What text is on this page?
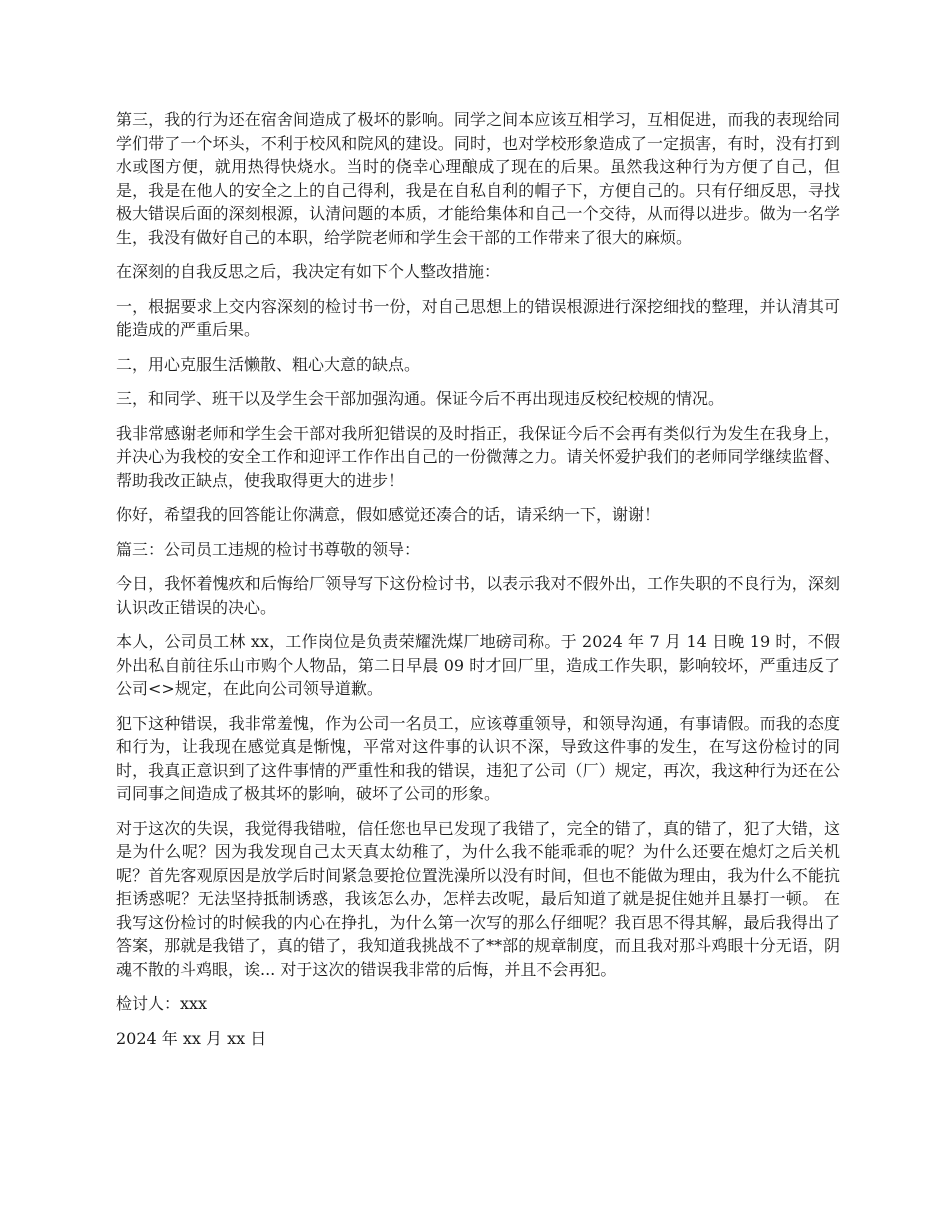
第三，我的行为还在宿舍间造成了极坏的影响。同学之间本应该互相学习，互相促进，而我的表现给同学们带了一个坏头，不利于校风和院风的建设。同时，也对学校形象造成了一定损害，有时，没有打到水或图方便，就用热得快烧水。当时的侥幸心理酿成了现在的后果。虽然我这种行为方便了自己，但是，我是在他人的安全之上的自己得利，我是在自私自利的帽子下，方便自己的。只有仔细反思，寻找极大错误后面的深刻根源，认清问题的本质，才能给集体和自己一个交待，从而得以进步。做为一名学生，我没有做好自己的本职，给学院老师和学生会干部的工作带来了很大的麻烦。

在深刻的自我反思之后，我决定有如下个人整改措施：

一，根据要求上交内容深刻的检讨书一份，对自己思想上的错误根源进行深挖细找的整理，并认清其可能造成的严重后果。

二，用心克服生活懒散、粗心大意的缺点。

三，和同学、班干以及学生会干部加强沟通。保证今后不再出现违反校纪校规的情况。

我非常感谢老师和学生会干部对我所犯错误的及时指正，我保证今后不会再有类似行为发生在我身上，并决心为我校的安全工作和迎评工作作出自己的一份微薄之力。请关怀爱护我们的老师同学继续监督、帮助我改正缺点，使我取得更大的进步！

你好，希望我的回答能让你满意，假如感觉还凑合的话，请采纳一下，谢谢！

篇三：公司员工违规的检讨书尊敬的领导：

今日，我怀着愧疚和后悔给厂领导写下这份检讨书，以表示我对不假外出，工作失职的不良行为，深刻认识改正错误的决心。

本人，公司员工林 xx，工作岗位是负责荣耀洗煤厂地磅司称。于 2024 年 7 月 14 日晚 19 时，不假外出私自前往乐山市购个人物品，第二日早晨 09 时才回厂里，造成工作失职，影响较坏，严重违反了公司<>规定，在此向公司领导道歉。

犯下这种错误，我非常羞愧，作为公司一名员工，应该尊重领导，和领导沟通，有事请假。而我的态度和行为，让我现在感觉真是惭愧，平常对这件事的认识不深，导致这件事的发生，在写这份检讨的同时，我真正意识到了这件事情的严重性和我的错误，违犯了公司（厂）规定，再次，我这种行为还在公司同事之间造成了极其坏的影响，破坏了公司的形象。

对于这次的失误，我觉得我错啦，信任您也早已发现了我错了，完全的错了，真的错了，犯了大错，这是为什么呢？因为我发现自己太天真太幼稚了，为什么我不能乖乖的呢？为什么还要在熄灯之后关机呢？首先客观原因是放学后时间紧急要抢位置洗澡所以没有时间，但也不能做为理由，我为什么不能抗拒诱惑呢？无法坚持抵制诱惑，我该怎么办，怎样去改呢，最后知道了就是捉住她并且暴打一顿。 在我写这份检讨的时候我的内心在挣扎，为什么第一次写的那么仔细呢？我百思不得其解，最后我得出了答案，那就是我错了，真的错了，我知道我挑战不了**部的规章制度，而且我对那斗鸡眼十分无语，阴魂不散的斗鸡眼，诶... 对于这次的错误我非常的后悔，并且不会再犯。

检讨人：xxx

2024 年 xx 月 xx 日
